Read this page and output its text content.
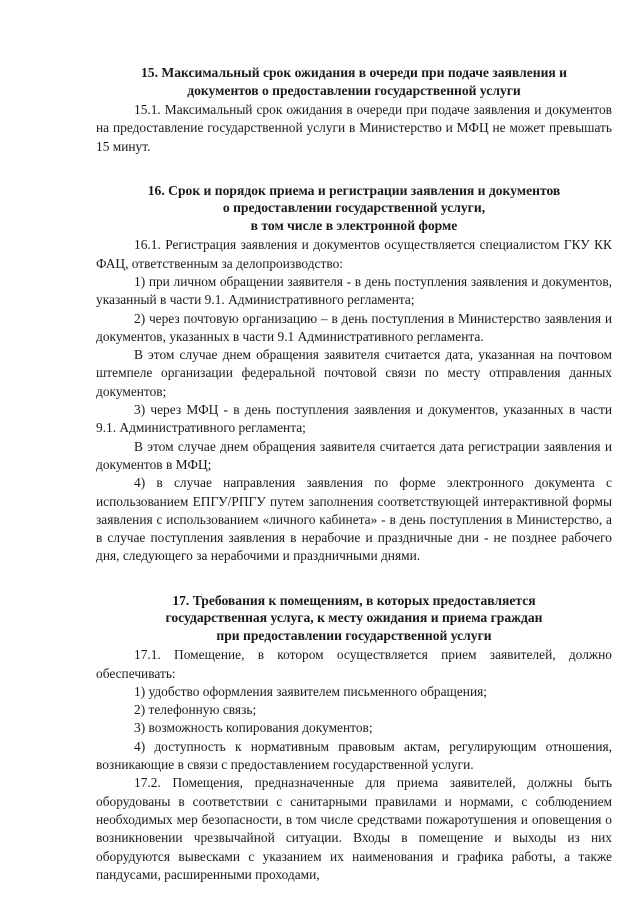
15. Максимальный срок ожидания в очереди при подаче заявления и
документов о предоставлении государственной услуги

15.1. Максимальный срок ожидания в очереди при подаче заявления и документов на предоставление государственной услуги в Министерство и МФЦ не может превышать 15 минут.

16. Срок и порядок приема и регистрации заявления и документов
о предоставлении государственной услуги,
в том числе в электронной форме

16.1. Регистрация заявления и документов осуществляется специалистом ГКУ КК ФАЦ, ответственным за делопроизводство:

1) при личном обращении заявителя - в день поступления заявления и документов, указанный в части 9.1. Административного регламента;

2) через почтовую организацию – в день поступления в Министерство заявления и документов, указанных в части 9.1 Административного регламента.

В этом случае днем обращения заявителя считается дата, указанная на почтовом штемпеле организации федеральной почтовой связи по месту отправления данных документов;

3) через МФЦ - в день поступления заявления и документов, указанных в части 9.1. Административного регламента;

В этом случае днем обращения заявителя считается дата регистрации заявления и документов в МФЦ;

4) в случае направления заявления по форме электронного документа с использованием ЕПГУ/РПГУ путем заполнения соответствующей интерактивной формы заявления с использованием «личного кабинета» - в день поступления в Министерство, а в случае поступления заявления в нерабочие и праздничные дни - не позднее рабочего дня, следующего за нерабочими и праздничными днями.

17. Требования к помещениям, в которых предоставляется
государственная услуга, к месту ожидания и приема граждан
при предоставлении государственной услуги

17.1. Помещение, в котором осуществляется прием заявителей, должно обеспечивать:

1) удобство оформления заявителем письменного обращения;

2) телефонную связь;

3) возможность копирования документов;

4) доступность к нормативным правовым актам, регулирующим отношения, возникающие в связи с предоставлением государственной услуги.

17.2. Помещения, предназначенные для приема заявителей, должны быть оборудованы в соответствии с санитарными правилами и нормами, с соблюдением необходимых мер безопасности, в том числе средствами пожаротушения и оповещения о возникновении чрезвычайной ситуации. Входы в помещение и выходы из них оборудуются вывесками с указанием их наименования и графика работы, а также пандусами, расширенными проходами,
